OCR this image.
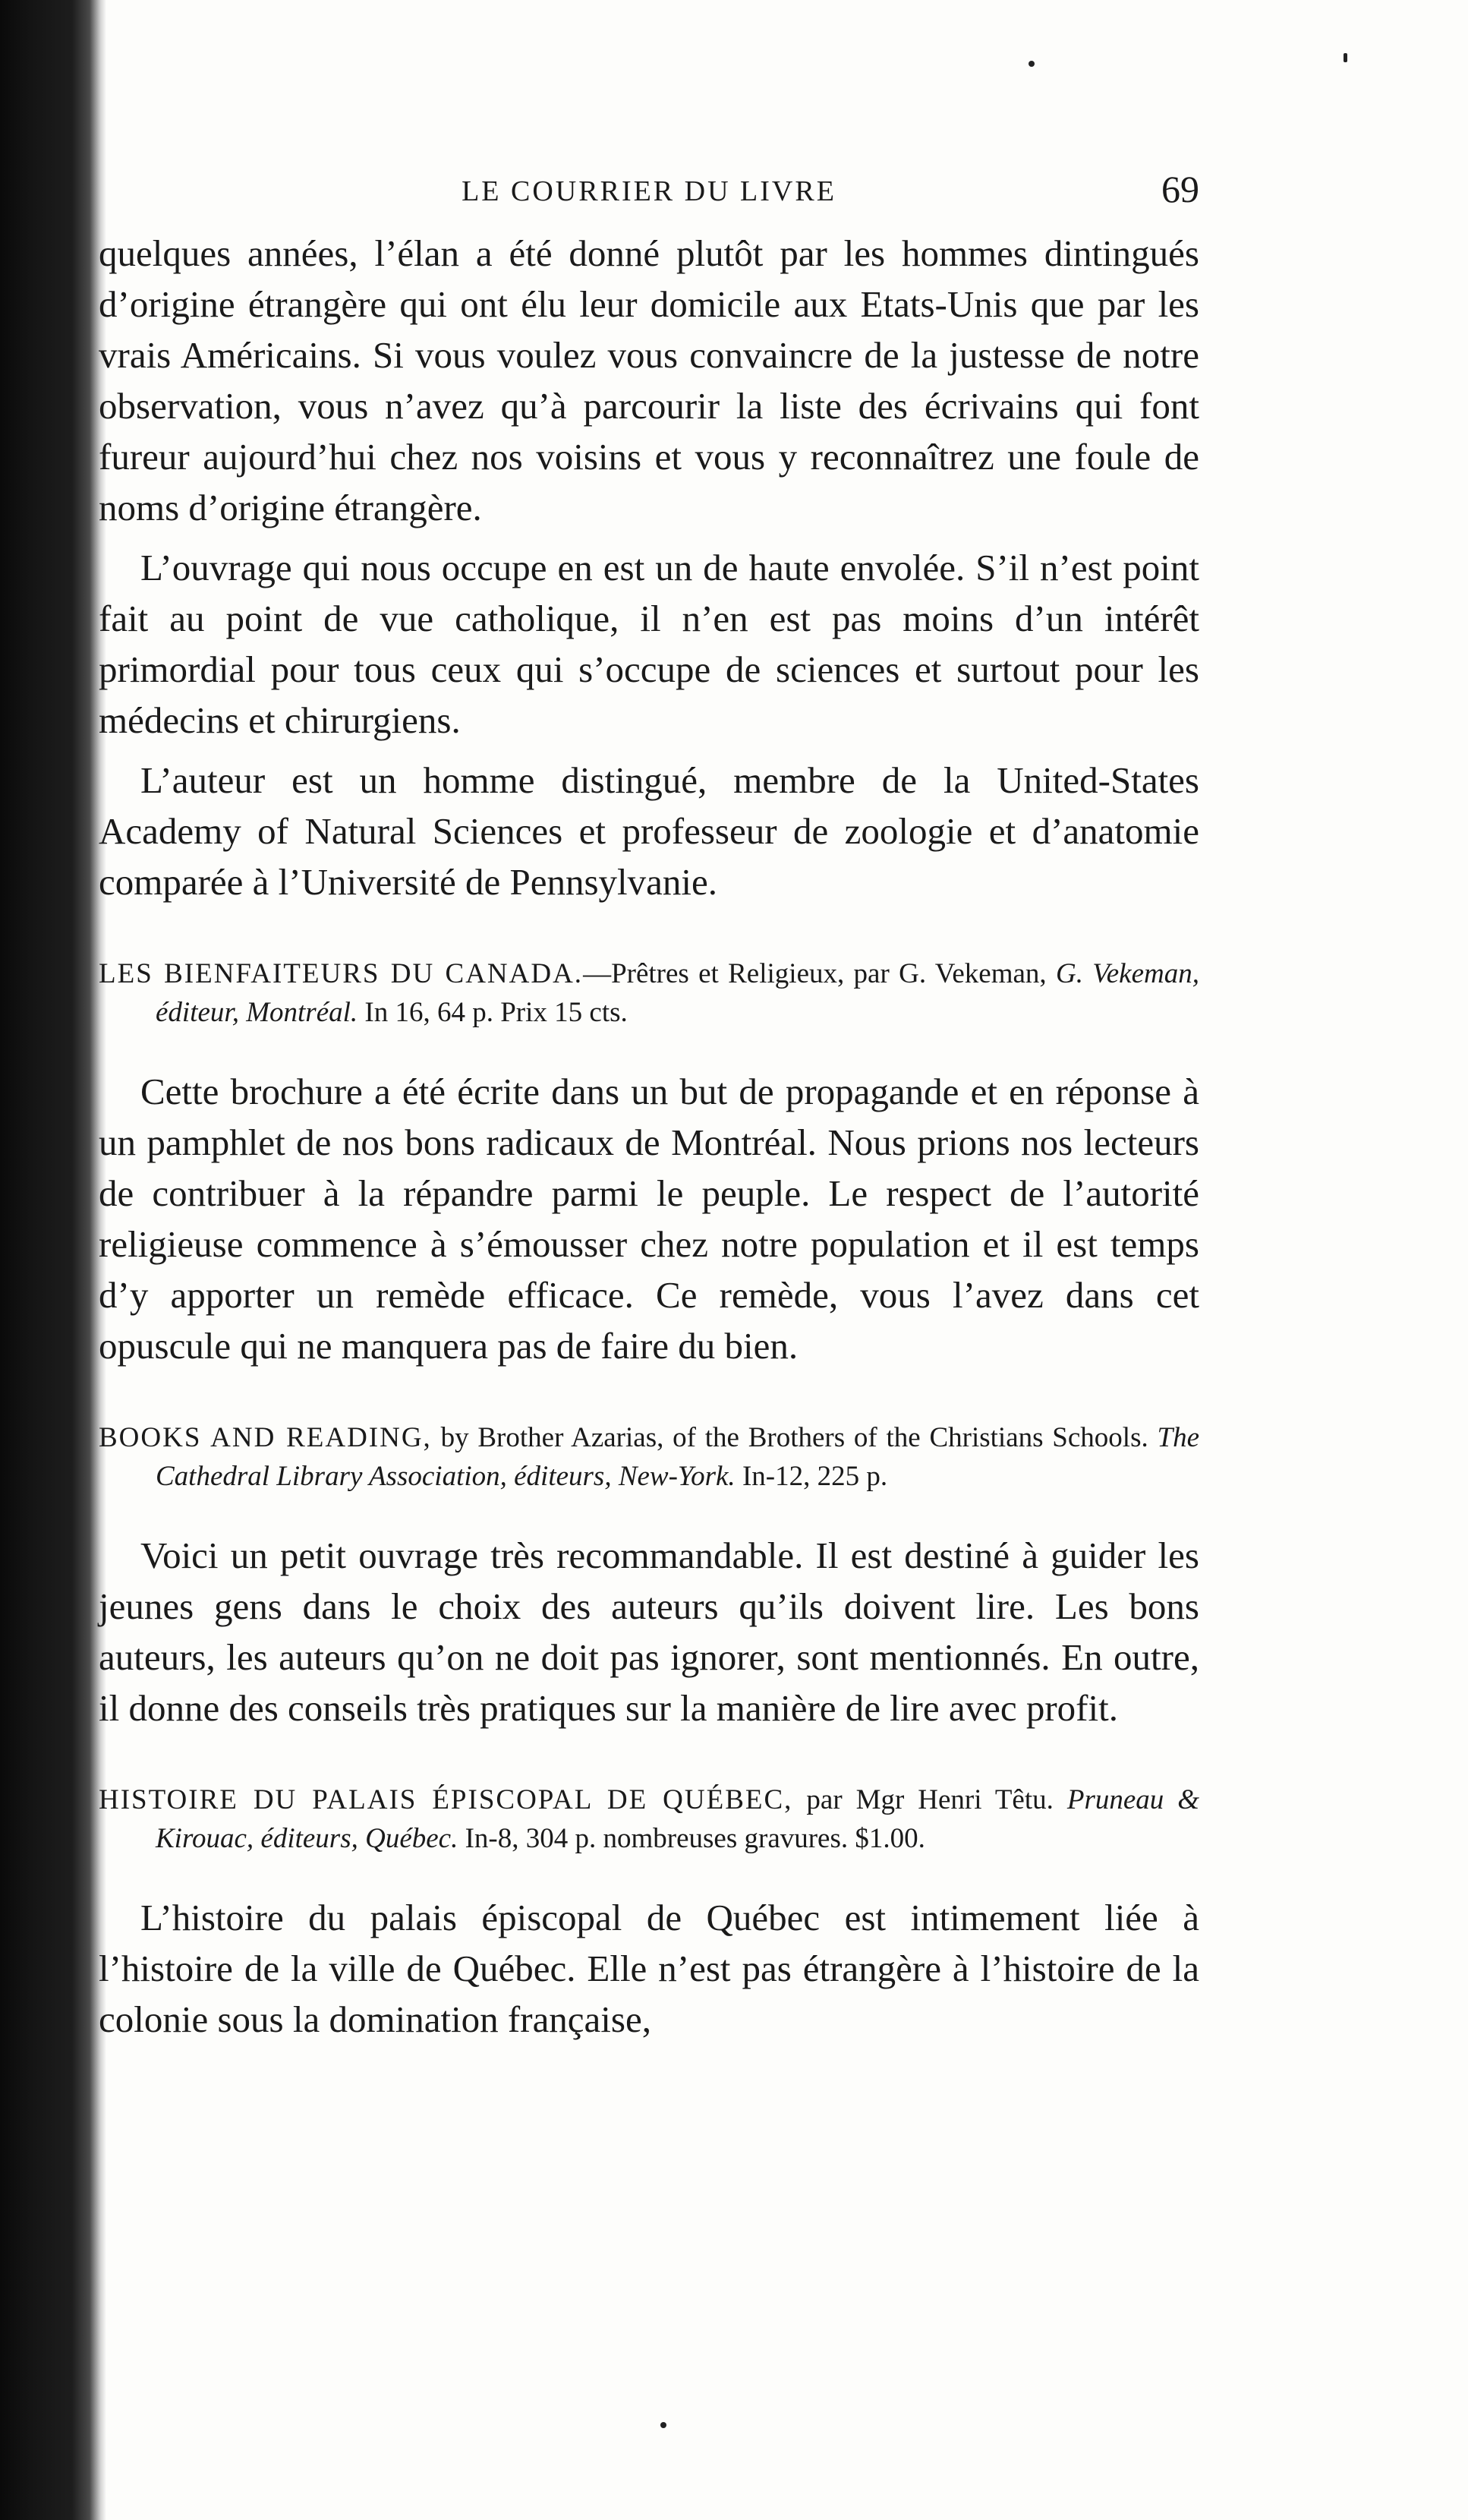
LE COURRIER DU LIVRE	69

quelques années, l’élan a été donné plutôt par les hommes dintingués d’origine étrangère qui ont élu leur domicile aux Etats-Unis que par les vrais Américains. Si vous voulez vous convaincre de la justesse de notre observation, vous n’avez qu’à parcourir la liste des écrivains qui font fureur aujourd’hui chez nos voisins et vous y reconnaîtrez une foule de noms d’origine étrangère.

L’ouvrage qui nous occupe en est un de haute envolée. S’il n’est point fait au point de vue catholique, il n’en est pas moins d’un intérêt primordial pour tous ceux qui s’occupe de sciences et surtout pour les médecins et chirurgiens.

L’auteur est un homme distingué, membre de la United-States Academy of Natural Sciences et professeur de zoologie et d’anatomie comparée à l’Université de Pennsylvanie.

LES BIENFAITEURS DU CANADA.—Prêtres et Religieux, par G. Vekeman, G. Vekeman, éditeur, Montréal. In 16, 64 p. Prix 15 cts.

Cette brochure a été écrite dans un but de propagande et en réponse à un pamphlet de nos bons radicaux de Montréal. Nous prions nos lecteurs de contribuer à la répandre parmi le peuple. Le respect de l’autorité religieuse commence à s’émousser chez notre population et il est temps d’y apporter un remède efficace. Ce remède, vous l’avez dans cet opuscule qui ne manquera pas de faire du bien.

BOOKS AND READING, by Brother Azarias, of the Brothers of the Christians Schools. The Cathedral Library Association, éditeurs, New-York. In-12, 225 p.

Voici un petit ouvrage très recommandable. Il est destiné à guider les jeunes gens dans le choix des auteurs qu’ils doivent lire. Les bons auteurs, les auteurs qu’on ne doit pas ignorer, sont mentionnés. En outre, il donne des conseils très pratiques sur la manière de lire avec profit.

HISTOIRE DU PALAIS ÉPISCOPAL DE QUÉBEC, par Mgr Henri Têtu. Pruneau & Kirouac, éditeurs, Québec. In-8, 304 p. nombreuses gravures. $1.00.

L’histoire du palais épiscopal de Québec est intimement liée à l’histoire de la ville de Québec. Elle n’est pas étrangère à l’histoire de la colonie sous la domination française,
